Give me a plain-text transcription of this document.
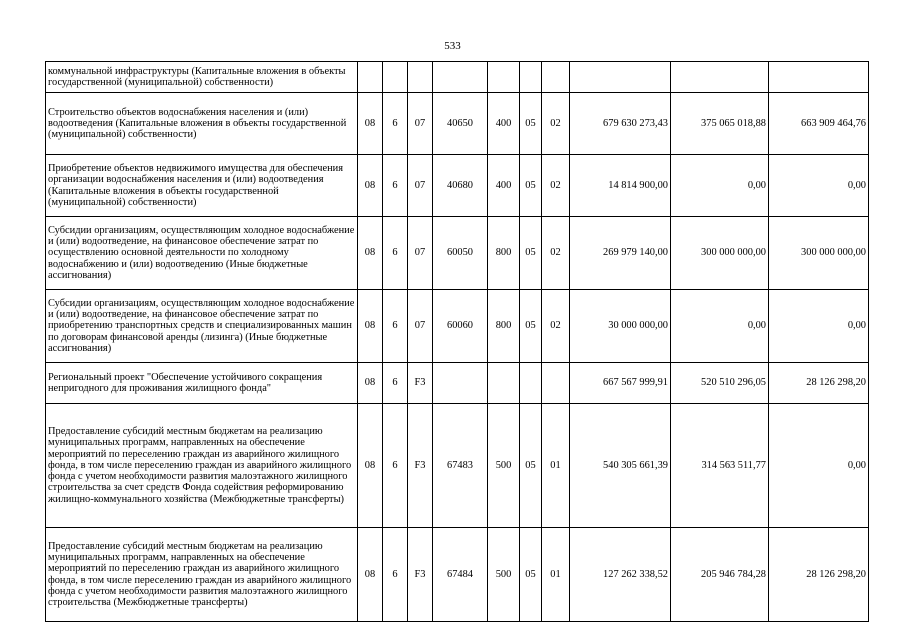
533
коммунальной инфраструктуры (Капитальные вложения в объекты государственной (муниципальной) собственности)										
Строительство объектов водоснабжения населения и (или) водоотведения (Капитальные вложения в объекты государственной (муниципальной) собственности)	08	6	07	40650	400	05	02	679 630 273,43	375 065 018,88	663 909 464,76
Приобретение объектов недвижимого имущества для обеспечения организации водоснабжения населения и (или) водоотведения (Капитальные вложения в объекты государственной (муниципальной) собственности)	08	6	07	40680	400	05	02	14 814 900,00	0,00	0,00
Субсидии организациям, осуществляющим холодное водоснабжение и (или) водоотведение, на финансовое обеспечение затрат по осуществлению основной деятельности по холодному водоснабжению и (или) водоотведению (Иные бюджетные ассигнования)	08	6	07	60050	800	05	02	269 979 140,00	300 000 000,00	300 000 000,00
Субсидии организациям, осуществляющим холодное водоснабжение и (или) водоотведение, на финансовое обеспечение затрат по приобретению транспортных средств и специализированных машин по договорам финансовой аренды (лизинга) (Иные бюджетные ассигнования)	08	6	07	60060	800	05	02	30 000 000,00	0,00	0,00
Региональный проект "Обеспечение устойчивого сокращения непригодного для проживания жилищного фонда"	08	6	F3					667 567 999,91	520 510 296,05	28 126 298,20
Предоставление субсидий местным бюджетам на реализацию муниципальных программ, направленных на обеспечение мероприятий по переселению граждан из аварийного жилищного фонда, в том числе переселению граждан из аварийного жилищного фонда с учетом необходимости развития малоэтажного жилищного строительства за счет средств Фонда содействия реформированию жилищно-коммунального хозяйства (Межбюджетные трансферты)	08	6	F3	67483	500	05	01	540 305 661,39	314 563 511,77	0,00
Предоставление субсидий местным бюджетам на реализацию муниципальных программ, направленных на обеспечение мероприятий по переселению граждан из аварийного жилищного фонда, в том числе переселению граждан из аварийного жилищного фонда с учетом необходимости развития малоэтажного жилищного строительства (Межбюджетные трансферты)	08	6	F3	67484	500	05	01	127 262 338,52	205 946 784,28	28 126 298,20
